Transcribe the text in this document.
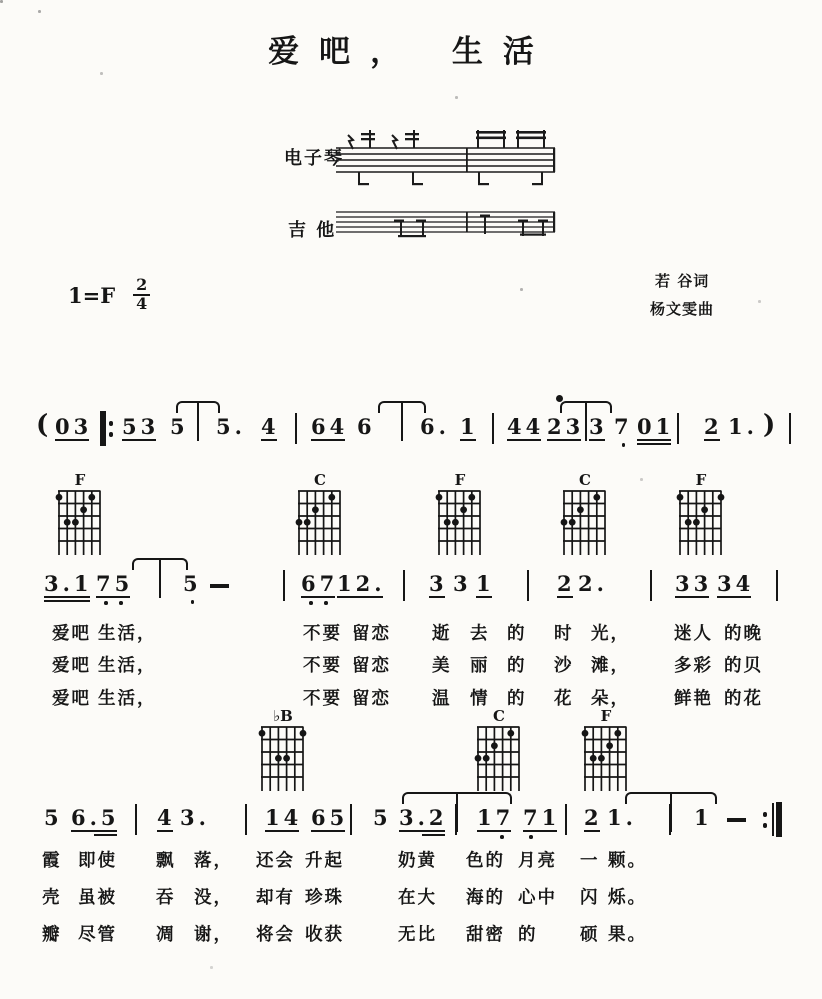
爱吧， 生活
电子琴
吉 他
$1=F \frac{2}{4}$	若 谷词
杨文雯曲
( 03 53 5 5. 4 64 6 6. 1 44 23 3 7 01 2 1. )
3.1 75 5	67
12. 3 3 1	2 2.	33 34
5 6.5 4 3.	14 65 5 3.2 17 71 2 1.	1
F	C	F	C	F
♭B	C	F
爱吧 生活，	不要 留恋 逝 去 的 时 光，	迷人 的晚
爱吧 生活，	不要 留恋 美 丽 的 沙 滩，	多彩 的贝
爱吧 生活，	不要 留恋 温 情 的 花 朵，	鲜艳 的花
霞 即使 飘 落， 还会 升起	奶黄 色的 月亮 一 颗。
壳 虽被 吞 没， 却有 珍珠	在大 海的 心中 闪 烁。
瓣 尽管 凋 谢， 将会 收获	无比 甜密 的 硕 果。
